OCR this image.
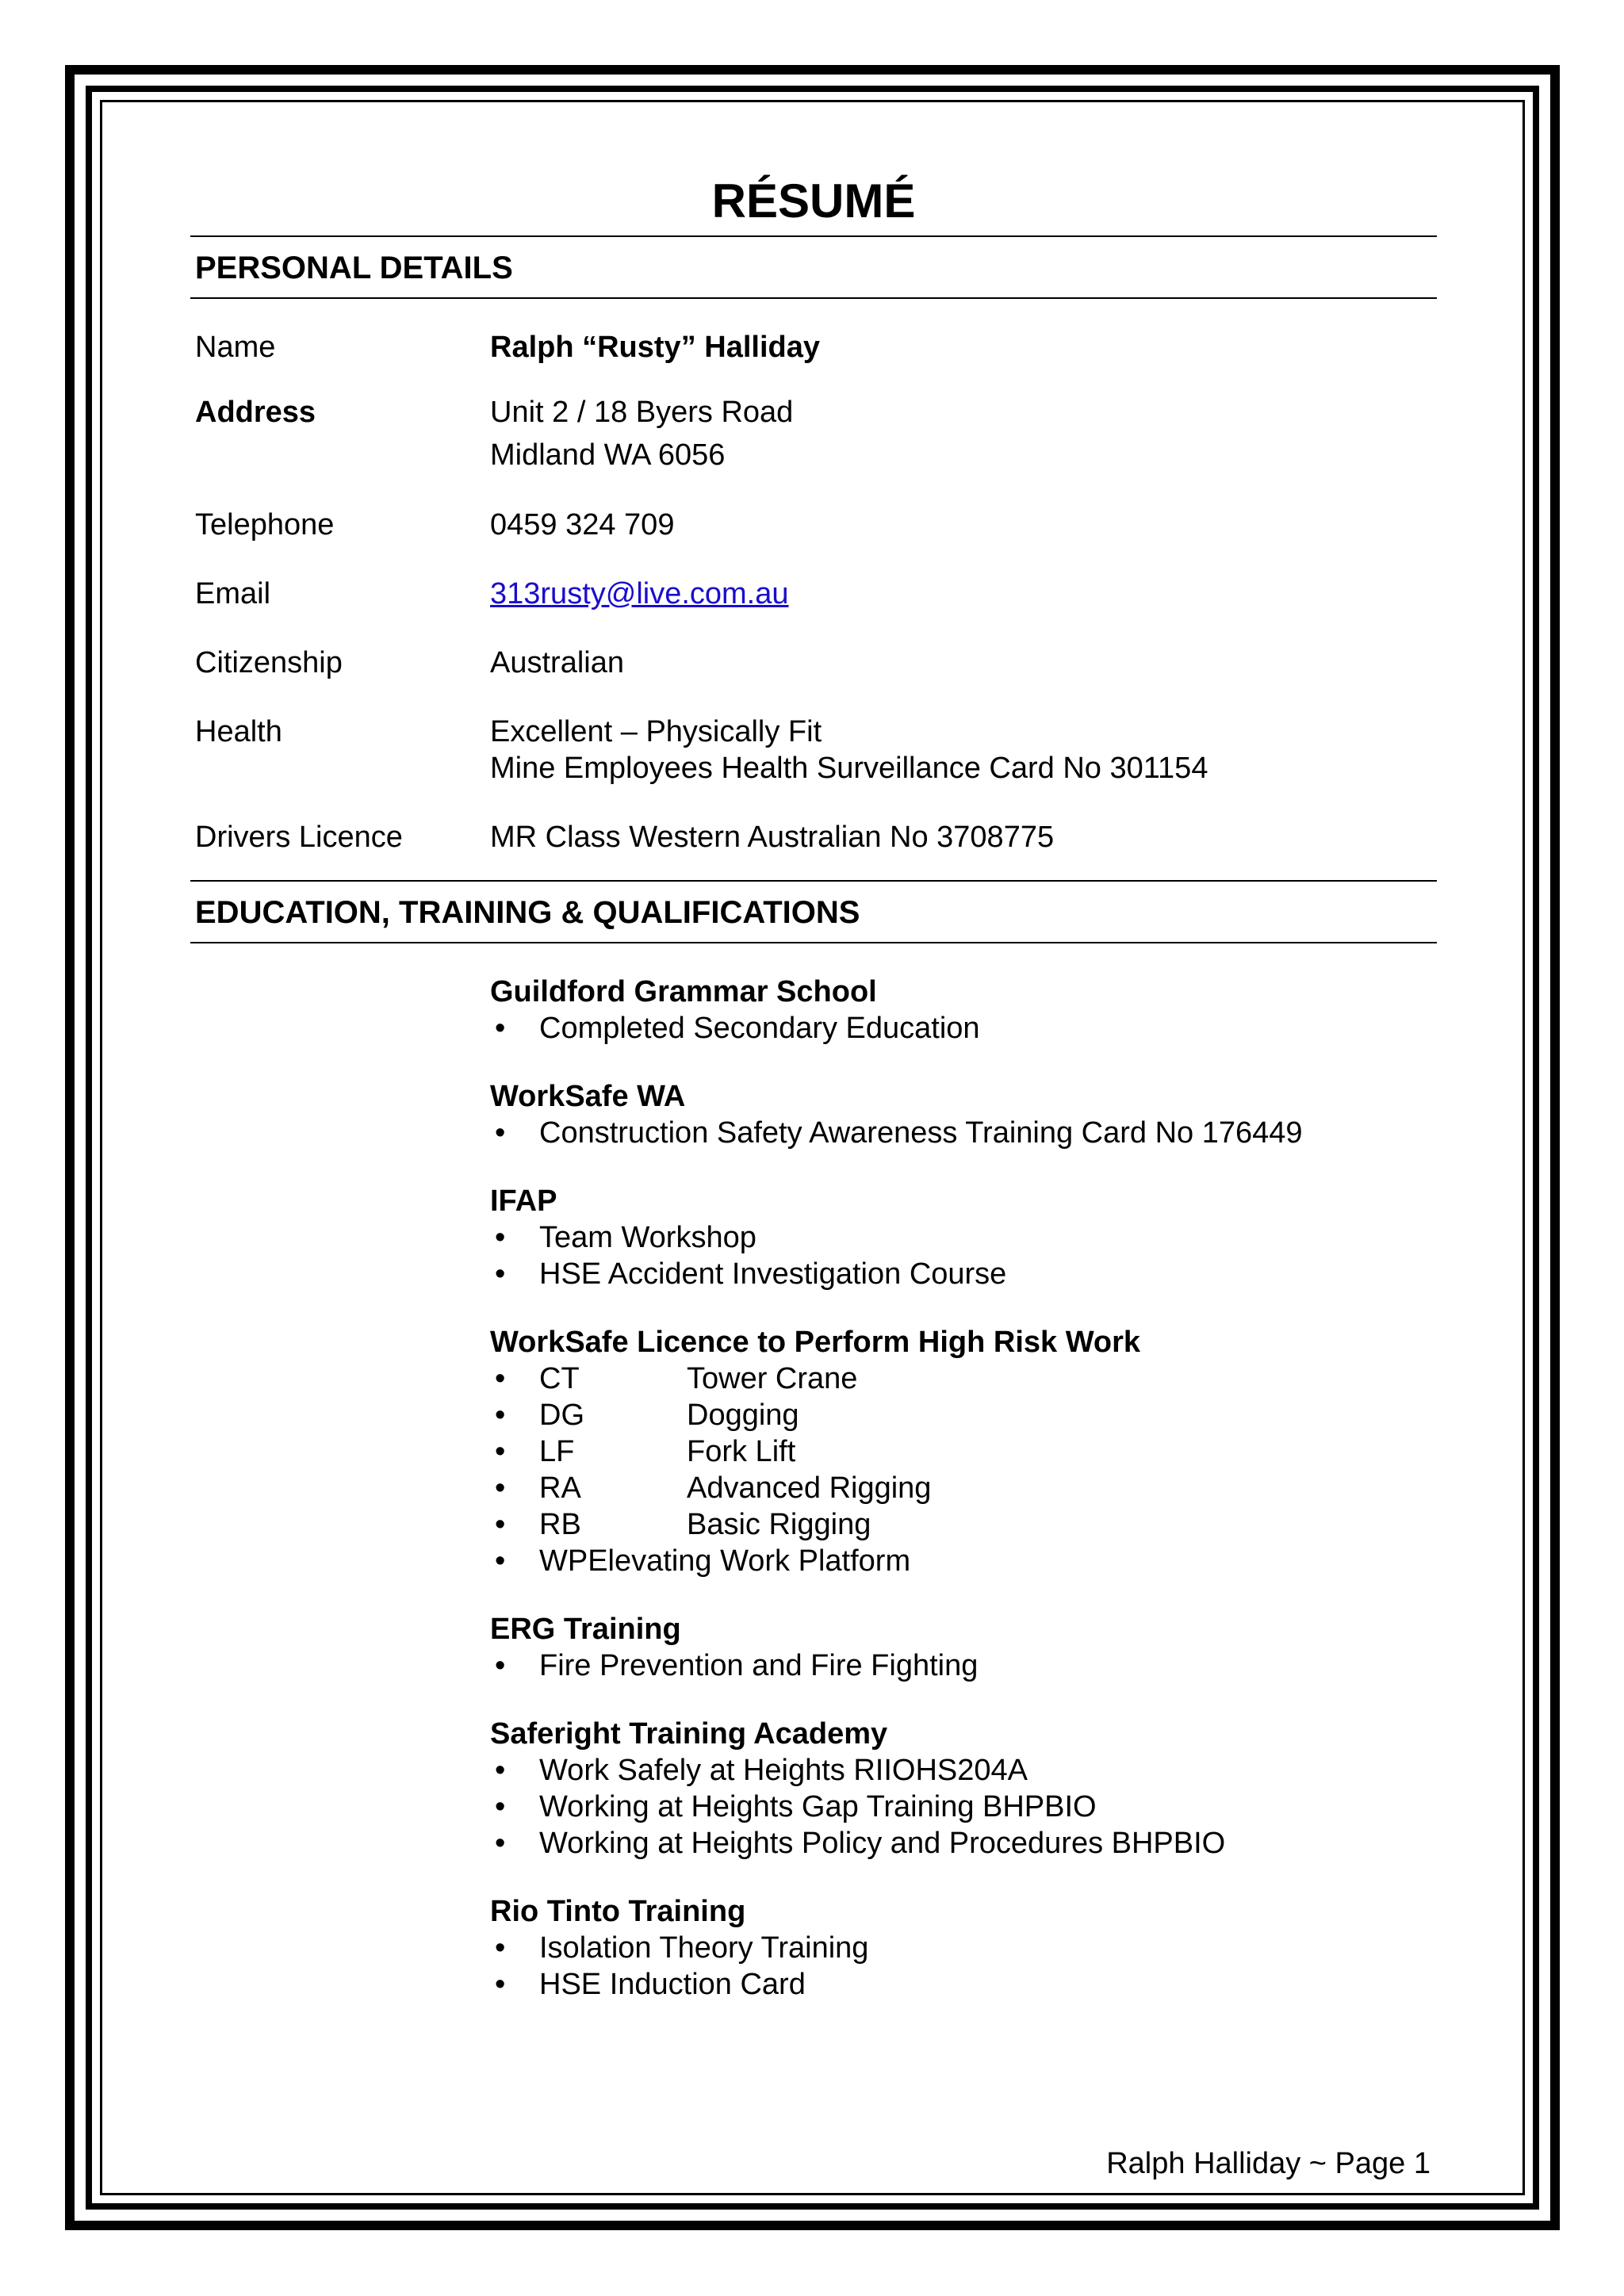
RÉSUMÉ
PERSONAL DETAILS
Name	Ralph “Rusty” Halliday
Address	Unit 2 / 18 Byers Road
Midland WA 6056
Telephone	0459 324 709
Email	313rusty@live.com.au
Citizenship	Australian
Health	Excellent – Physically Fit
Mine Employees Health Surveillance Card No 301154
Drivers Licence	MR Class Western Australian No 3708775
EDUCATION, TRAINING & QUALIFICATIONS
Guildford Grammar School
• Completed Secondary Education
WorkSafe WA
• Construction Safety Awareness Training Card No 176449
IFAP
• Team Workshop
• HSE Accident Investigation Course
WorkSafe Licence to Perform High Risk Work
• CT	Tower Crane
• DG	Dogging
• LF	Fork Lift
• RA	Advanced Rigging
• RB	Basic Rigging
• WPElevating Work Platform
ERG Training
• Fire Prevention and Fire Fighting
Saferight Training Academy
• Work Safely at Heights RIIOHS204A
• Working at Heights Gap Training BHPBIO
• Working at Heights Policy and Procedures BHPBIO
Rio Tinto Training
• Isolation Theory Training
• HSE Induction Card
Ralph Halliday ~ Page 1
